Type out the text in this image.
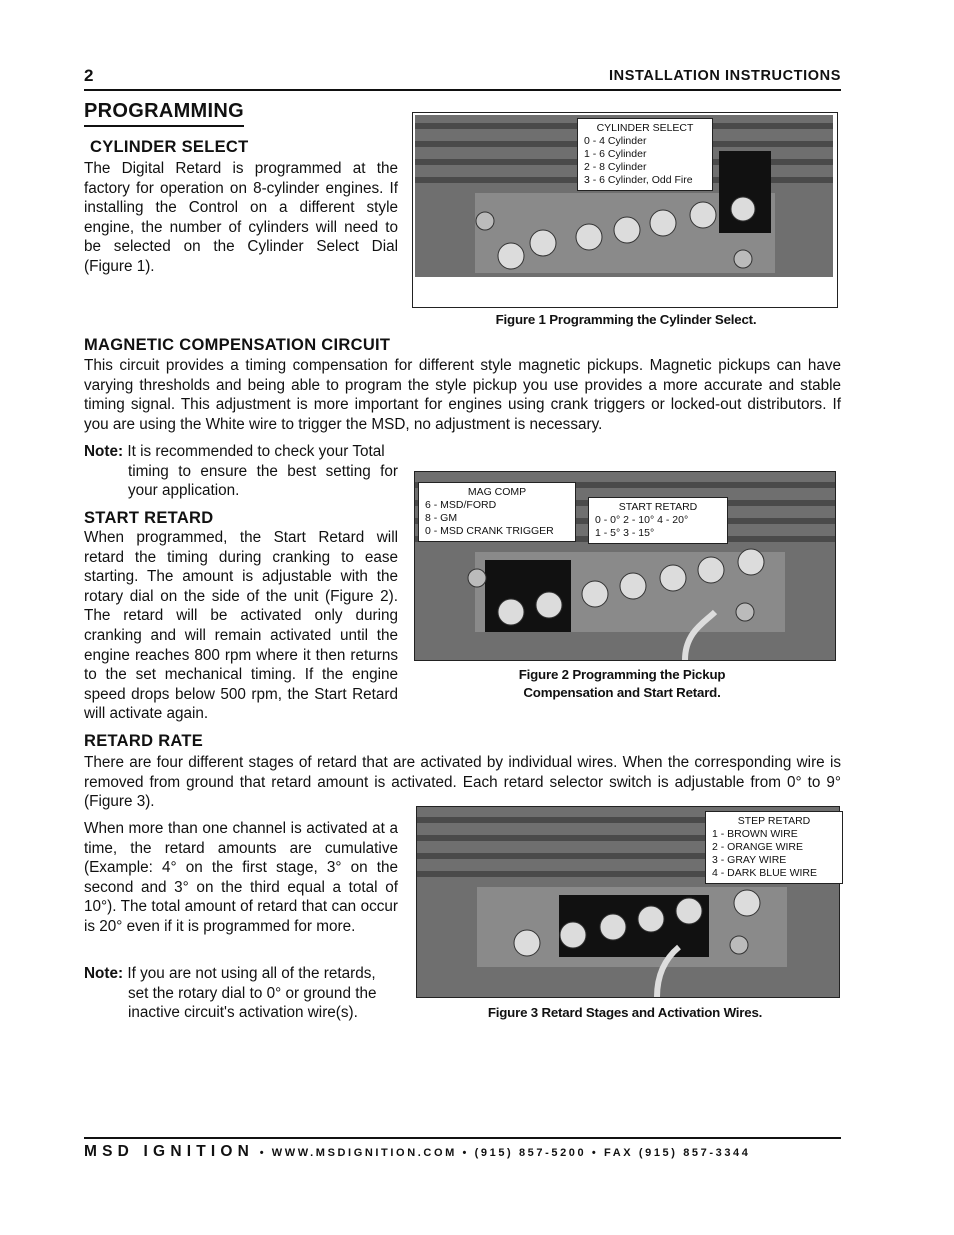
2	INSTALLATION INSTRUCTIONS
PROGRAMMING
CYLINDER SELECT

The Digital Retard is programmed at the factory for operation on 8-cylinder engines. If installing the Control on a different style engine, the number of cylinders will need to be selected on the Cylinder Select Dial (Figure 1).

CYLINDER SELECT
0 - 4 Cylinder
1 - 6 Cylinder
2 - 8 Cylinder
3 - 6 Cylinder, Odd Fire
Figure 1 Programming the Cylinder Select.
MAGNETIC COMPENSATION CIRCUIT

This circuit provides a timing compensation for different style magnetic pickups. Magnetic pickups can have varying thresholds and being able to program the style pickup you use provides a more accurate and stable timing signal. This adjustment is more important for engines using crank triggers or locked-out distributors. If you are using the White wire to trigger the MSD, no adjustment is necessary.

Note: It is recommended to check your Total
timing to ensure the best setting for your application.
START RETARD

When programmed, the Start Retard will retard the timing during cranking to ease starting. The amount is adjustable with the rotary dial on the side of the unit (Figure 2). The retard will be activated only during cranking and will remain activated until the engine reaches 800 rpm where it then returns to the set mechanical timing. If the engine speed drops below 500 rpm, the Start Retard will activate again.

MAG COMP
6 - MSD/FORD
8 - GM
0 - MSD CRANK TRIGGER
START RETARD
0 - 0° 2 - 10° 4 - 20°
1 - 5° 3 - 15°
Figure 2 Programming the Pickup
Compensation and Start Retard.
RETARD RATE

There are four different stages of retard that are activated by individual wires. When the corresponding wire is removed from ground that retard amount is activated. Each retard selector switch is adjustable from 0° to 9° (Figure 3).

When more than one channel is activated at a time, the retard amounts are cumulative (Example: 4° on the first stage, 3° on the second and 3° on the third equal a total of 10°). The total amount of retard that can occur is 20° even if it is programmed for more.

Note: If you are not using all of the retards,
set the rotary dial to 0° or ground the inactive circuit's activation wire(s).
STEP RETARD
1 - BROWN WIRE
2 - ORANGE WIRE
3 - GRAY WIRE
4 - DARK BLUE WIRE
Figure 3 Retard Stages and Activation Wires.
MSD IGNITION • WWW.MSDIGNITION.COM • (915) 857-5200 • FAX (915) 857-3344
